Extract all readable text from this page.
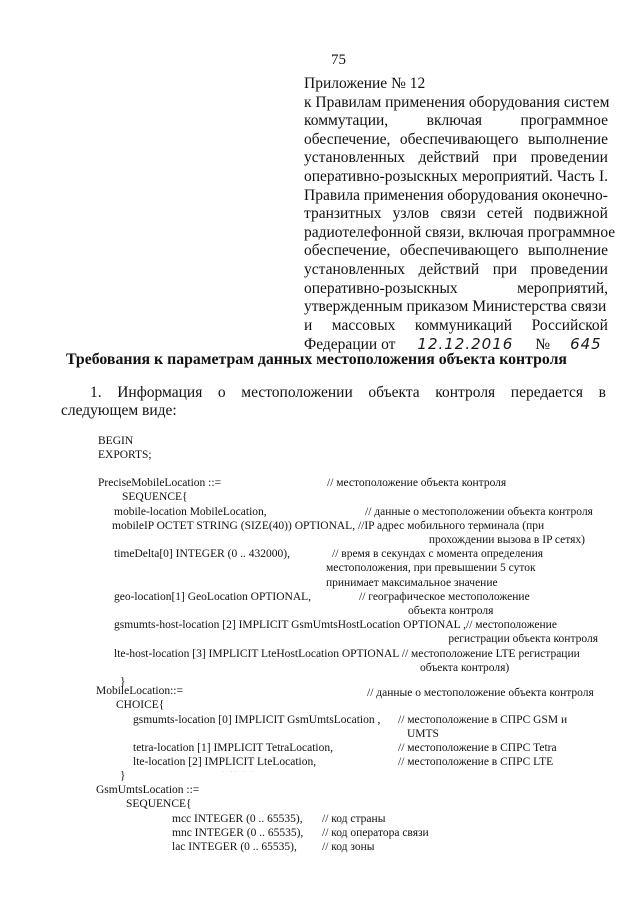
75
Приложение № 12
к Правилам применения оборудования систем
коммутации, включая программное
обеспечение, обеспечивающего выполнение
установленных действий при проведении
оперативно-розыскных мероприятий. Часть I.
Правила применения оборудования оконечно-
транзитных узлов связи сетей подвижной
радиотелефонной связи, включая программное
обеспечение, обеспечивающего выполнение
установленных действий при проведении
оперативно-розыскных	мероприятий,
утвержденным приказом Министерства связи
и массовых коммуникаций Российской
Федерации от 12.12.2016 № 645
Требования к параметрам данных местоположения объекта контроля
1. Информация о местоположении объекта контроля передается в
следующем виде:
BEGIN
EXPORTS;
PreciseMobileLocation ::=	// местоположение объекта контроля
SEQUENCE{
mobile-location MobileLocation,	// данные о местоположении объекта контроля
mobileIP OCTET STRING (SIZE(40)) OPTIONAL, //IP адрес мобильного терминала (при
прохождении вызова в IP сетях)
timeDelta[0] INTEGER (0 .. 432000),	// время в секундах с момента определения
местоположения, при превышении 5 суток
принимает максимальное значение
geo-location[1] GeoLocation OPTIONAL,	// географическое местоположение
объекта контроля
gsmumts-host-location [2] IMPLICIT GsmUmtsHostLocation OPTIONAL ,// местоположение
регистрации объекта контроля
lte-host-location [3] IMPLICIT LteHostLocation OPTIONAL // местоположение LTE регистрации
объекта контроля)
}
MobileLocation::=	// данные о местоположение объекта контроля
CHOICE{
gsmumts-location [0] IMPLICIT GsmUmtsLocation , // местоположение в СПРС GSM и
UMTS
tetra-location [1] IMPLICIT TetraLocation,	// местоположение в СПРС Tetra
lte-location [2] IMPLICIT LteLocation,	// местоположение в СПРС LTE
}	· ·· · ·
GsmUmtsLocation ::=
SEQUENCE{
mcc INTEGER (0 .. 65535), // код страны
mnc INTEGER (0 .. 65535), // код оператора связи
lac INTEGER (0 .. 65535), // код зоны
